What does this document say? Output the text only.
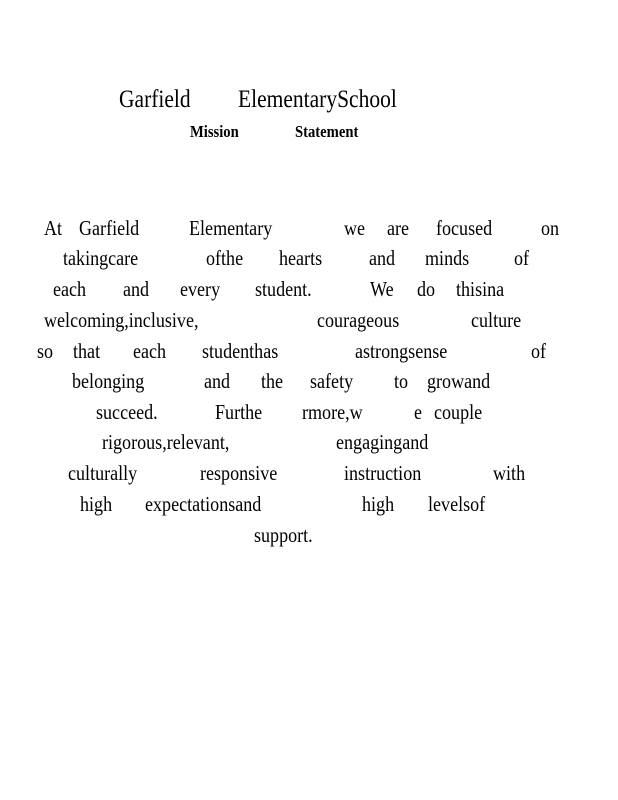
Garfield ElementarySchool
Mission	Statement
At Garfield Elementary	we are focused on
takingcare	ofthe hearts and minds of
each and every student.	We do thisina
welcoming,inclusive,	courageous	culture
so that each studenthas	astrongsense	of
belonging	and the safety to growand
succeed.	Furthe rmore,w e couple
rigorous,relevant,	engagingand
culturally	responsive	instruction	with
high expectationsand	high levelsof
support.
